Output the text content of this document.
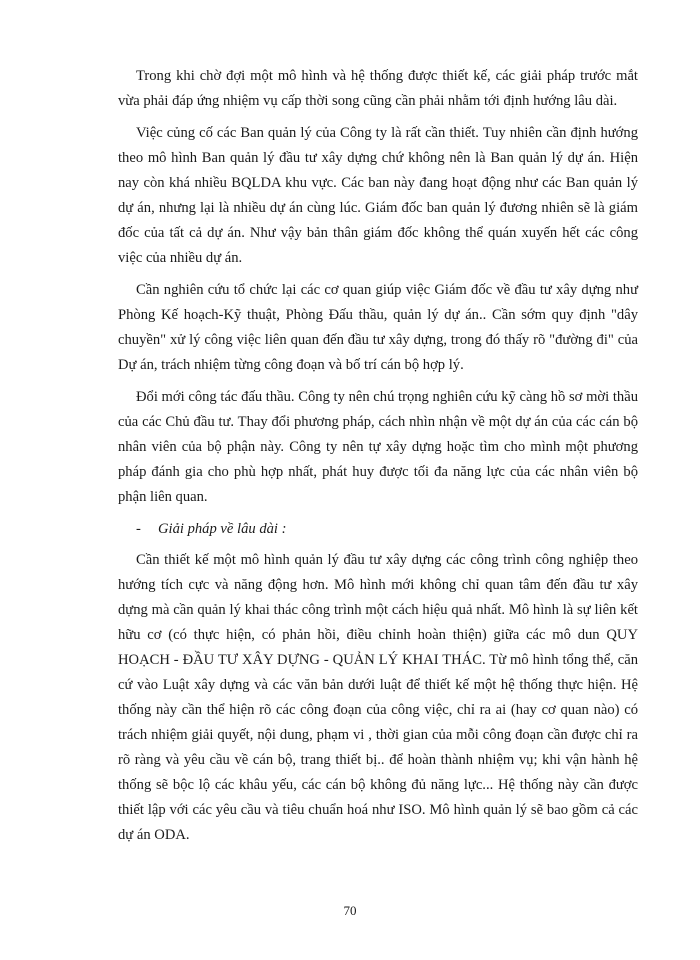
Trong khi chờ đợi một mô hình và hệ thống được thiết kế, các giải pháp trước mắt vừa phải đáp ứng nhiệm vụ cấp thời song cũng cần phải nhằm tới định hướng lâu dài.

Việc củng cố các Ban quản lý của Công ty là rất cần thiết. Tuy nhiên cần định hướng theo mô hình Ban quản lý đầu tư xây dựng chứ không nên là Ban quản lý dự án. Hiện nay còn khá nhiều BQLDA khu vực. Các ban này đang hoạt động như các Ban quản lý dự án, nhưng lại là nhiều dự án cùng lúc. Giám đốc ban quản lý đương nhiên sẽ là giám đốc của tất cả dự án. Như vậy bản thân giám đốc không thể quán xuyến hết các công việc của nhiều dự án.

Cần nghiên cứu tổ chức lại các cơ quan giúp việc Giám đốc về đầu tư xây dựng như Phòng Kế hoạch-Kỹ thuật, Phòng Đấu thầu, quản lý dự án.. Cần sớm quy định "dây chuyền" xử lý công việc liên quan đến đầu tư xây dựng, trong đó thấy rõ "đường đi" của Dự án, trách nhiệm từng công đoạn và bố trí cán bộ hợp lý.

Đổi mới công tác đấu thầu. Công ty nên chú trọng nghiên cứu kỹ càng hồ sơ mời thầu của các Chủ đầu tư. Thay đổi phương pháp, cách nhìn nhận về một dự án của các cán bộ nhân viên của bộ phận này. Công ty nên tự xây dựng hoặc tìm cho mình một phương pháp đánh gia cho phù hợp nhất, phát huy được tối đa năng lực của các nhân viên bộ phận liên quan.

- Giải pháp về lâu dài :

Cần thiết kế một mô hình quản lý đầu tư xây dựng các công trình công nghiệp theo hướng tích cực và năng động hơn. Mô hình mới không chỉ quan tâm đến đầu tư xây dựng mà cần quản lý khai thác công trình một cách hiệu quả nhất. Mô hình là sự liên kết hữu cơ (có thực hiện, có phản hồi, điều chỉnh hoàn thiện) giữa các mô dun QUY HOẠCH - ĐẦU TƯ XÂY DỰNG - QUẢN LÝ KHAI THÁC. Từ mô hình tổng thể, căn cứ vào Luật xây dựng và các văn bản dưới luật để thiết kế một hệ thống thực hiện. Hệ thống này cần thể hiện rõ các công đoạn của công việc, chỉ ra ai (hay cơ quan nào) có trách nhiệm giải quyết, nội dung, phạm vi , thời gian của mỗi công đoạn cần được chỉ ra rõ ràng và yêu cầu về cán bộ, trang thiết bị.. để hoàn thành nhiệm vụ; khi vận hành hệ thống sẽ bộc lộ các khâu yếu, các cán bộ không đủ năng lực... Hệ thống này cần được thiết lập với các yêu cầu và tiêu chuẩn hoá như ISO. Mô hình quản lý sẽ bao gồm cả các dự án ODA.

70
